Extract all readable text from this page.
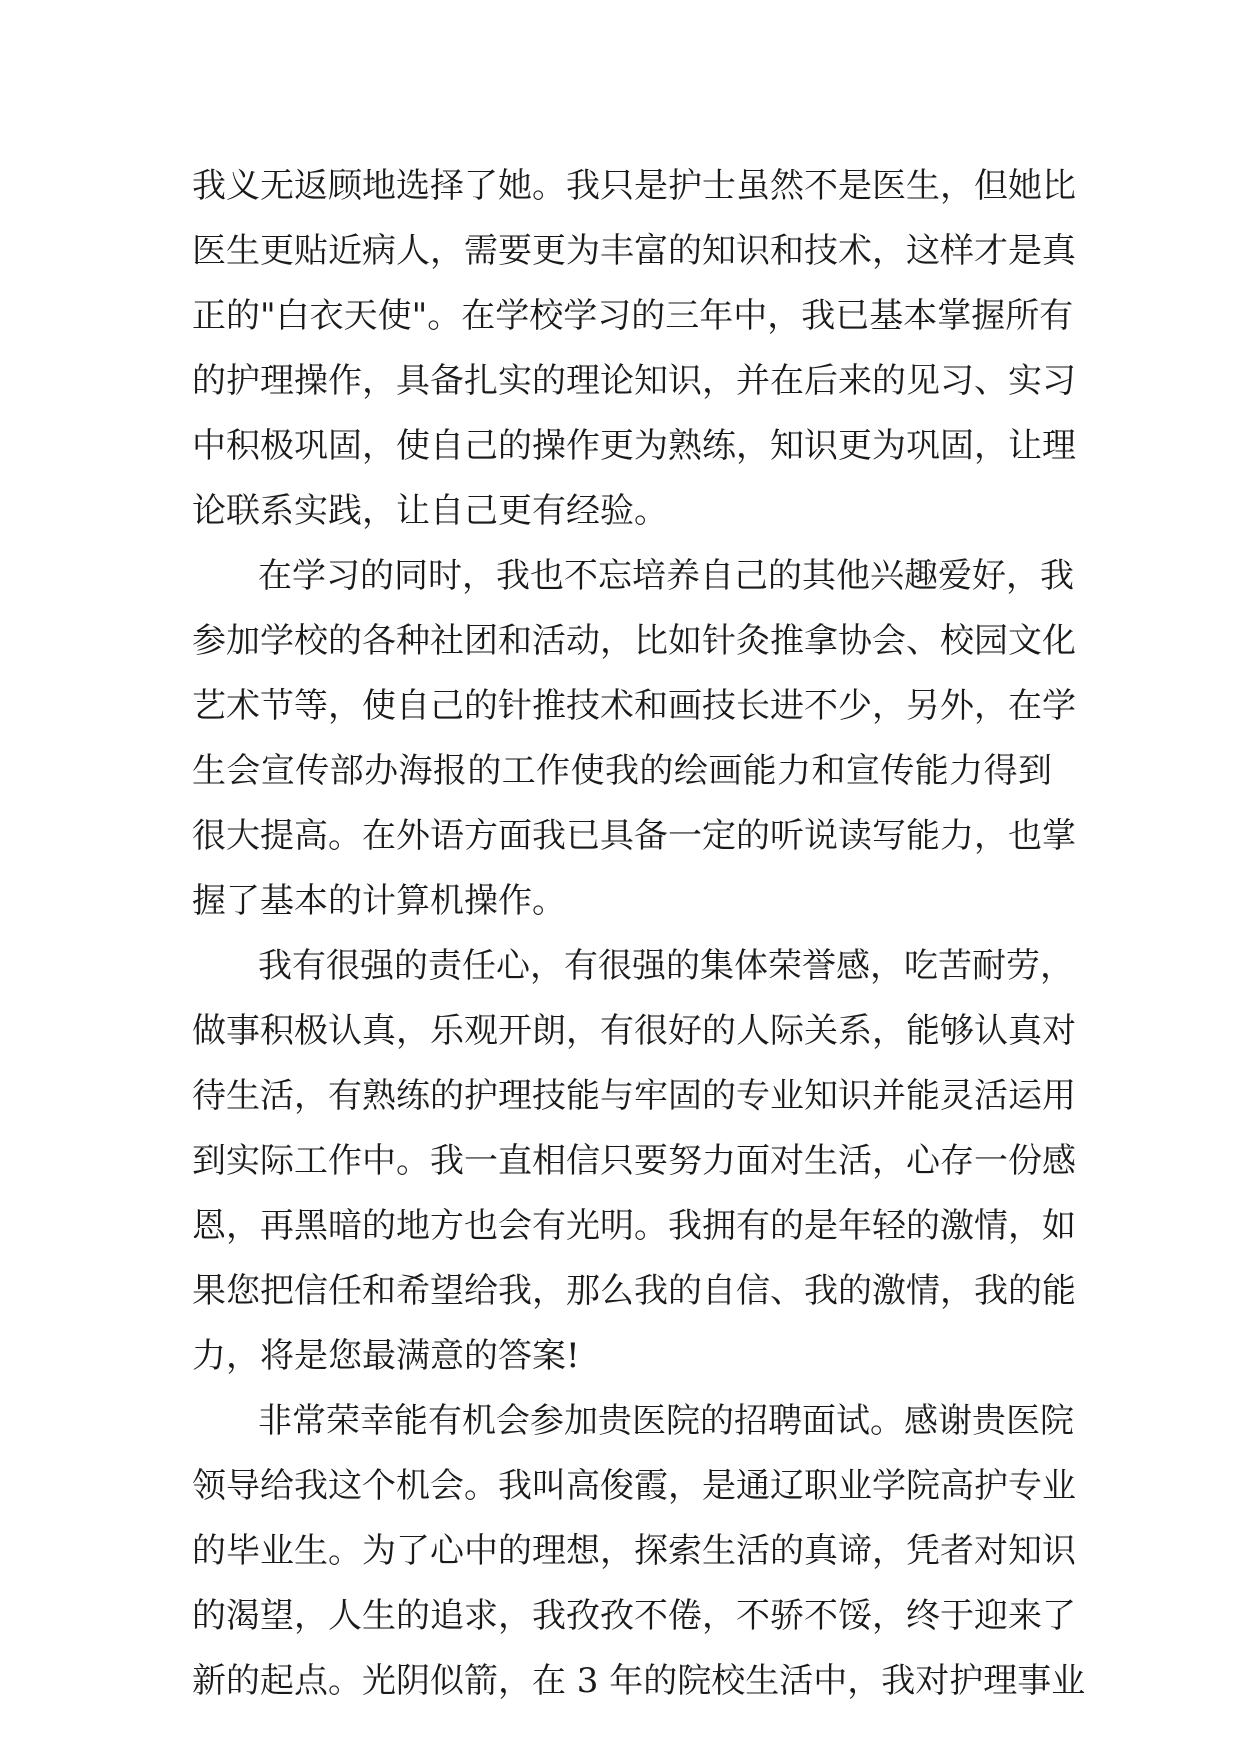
我义无返顾地选择了她。我只是护士虽然不是医生，但她比
医生更贴近病人，需要更为丰富的知识和技术，这样才是真
正的"白衣天使"。在学校学习的三年中，我已基本掌握所有
的护理操作，具备扎实的理论知识，并在后来的见习、实习
中积极巩固，使自己的操作更为熟练，知识更为巩固，让理
论联系实践，让自己更有经验。
在学习的同时，我也不忘培养自己的其他兴趣爱好，我
参加学校的各种社团和活动，比如针灸推拿协会、校园文化
艺术节等，使自己的针推技术和画技长进不少，另外，在学
生会宣传部办海报的工作使我的绘画能力和宣传能力得到
很大提高。在外语方面我已具备一定的听说读写能力，也掌
握了基本的计算机操作。
我有很强的责任心，有很强的集体荣誉感，吃苦耐劳，
做事积极认真，乐观开朗，有很好的人际关系，能够认真对
待生活，有熟练的护理技能与牢固的专业知识并能灵活运用
到实际工作中。我一直相信只要努力面对生活，心存一份感
恩，再黑暗的地方也会有光明。我拥有的是年轻的激情，如
果您把信任和希望给我，那么我的自信、我的激情，我的能
力，将是您最满意的答案!
非常荣幸能有机会参加贵医院的招聘面试。感谢贵医院
领导给我这个机会。我叫高俊霞，是通辽职业学院高护专业
的毕业生。为了心中的理想，探索生活的真谛，凭者对知识
的渴望，人生的追求，我孜孜不倦，不骄不馁，终于迎来了
新的起点。光阴似箭，在 3 年的院校生活中，我对护理事业
